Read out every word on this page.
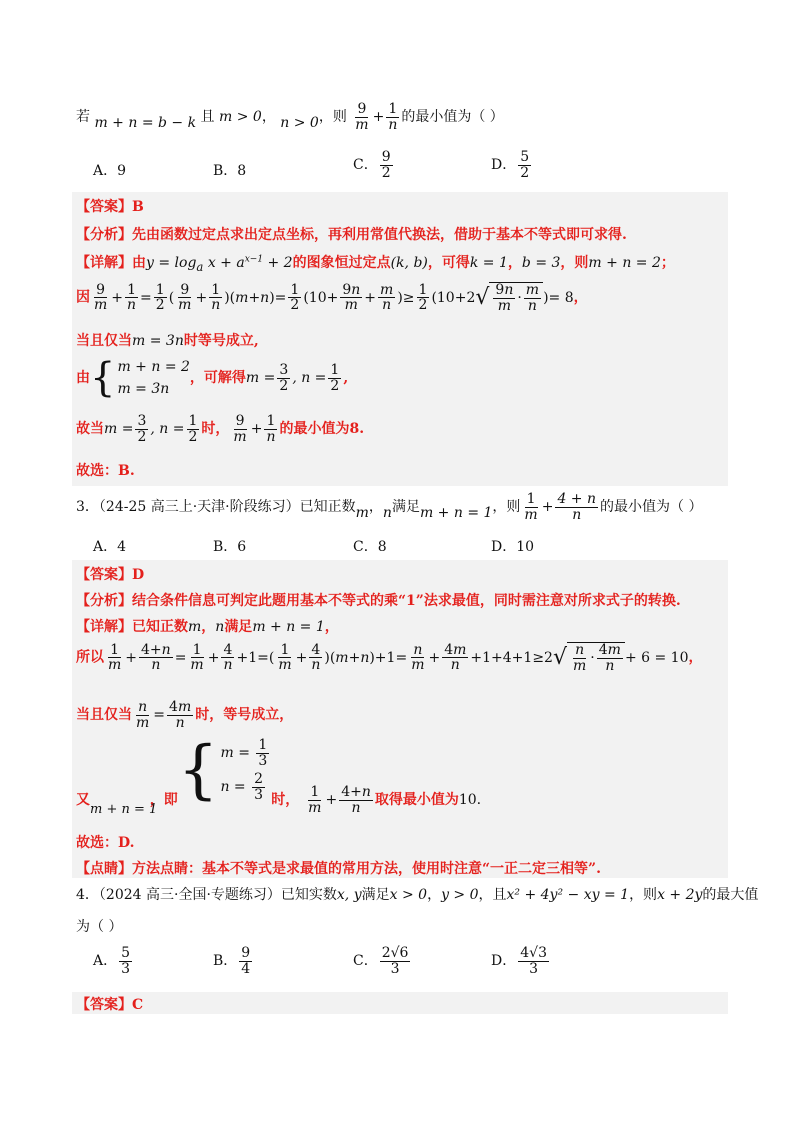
若 m + n = b − k 且 m > 0， n > 0，则 $\frac{9}{m} + \frac{1}{n}$ 的最小值为（ ）
A．9	B．8	C． $\frac{9}{2}$	D． $\frac{5}{2}$
【答案】B
【分析】先由函数过定点求出定点坐标，再利用常值代换法，借助于基本不等式即可求得.
【详解】由$y = \log_a x + a^{x-1} + 2$的图象恒过定点(k, b)，可得k = 1，b = 3，则m + n = 2；
因 $\frac{9}{m} + \frac{1}{n} = \frac{1}{2}$ ( $\frac{9}{m} + \frac{1}{n} )(m+n)= \frac{1}{2} (10+ \frac{9n}{m} + \frac{m}{n}$ )≥ $\frac{1}{2} (10+2$ √ $\frac{9n}{m} \cdot \frac{m}{n}$ )= 8，
当且仅当m = 3n时等号成立,
由 { m + n = 2
m = 3n
，可解得$m = \frac{3}{2}$ , $n = \frac{1}{2}$ ,
故当$m = \frac{3}{2}$ , $n = \frac{1}{2}$ 时， $\frac{9}{m} + \frac{1}{n}$ 的最小值为8.
故选：B.
3．（24-25 高三上·天津·阶段练习）已知正数m，n满足m + n = 1，则 $\frac{1}{m} + \frac{4 + n}{n}$ 的最小值为（ ）
A．4	B．6	C．8	D．10
【答案】D
【分析】结合条件信息可判定此题用基本不等式的乘“1”法求最值，同时需注意对所求式子的转换.
【详解】已知正数m，n满足m + n = 1，
所以 $\frac{1}{m} + \frac{4+n}{n} = \frac{1}{m} + \frac{4}{n} +1=( \frac{1}{m} + \frac{4}{n} )(m+n)+1= \frac{n}{m} + \frac{4m}{n} +1+4+1\ge 2$ √ $\frac{n}{m} \cdot \frac{4m}{n} + 6 = 10$，
当且仅当 $\frac{n}{m} = \frac{4m}{n}$ 时，等号成立，
又	，即 { $m = \frac{1}{3}$
$n = \frac{2}{3}$ 时， $\frac{1}{m} + \frac{4+n}{n}$ 取得最小值为10.
m + n = 1
故选：D.
【点睛】方法点睛：基本不等式是求最值的常用方法，使用时注意“一正二定三相等”.
4．（2024 高三·全国·专题练习）已知实数x, y满足x > 0，y > 0，且x² + 4y² − xy = 1，则x + 2y的最大值
为（ ）
A． $\frac{5}{3}$	B． $\frac{9}{4}$	C． $\frac{2√6}{3}$	D． $\frac{4√3}{3}$
【答案】C
